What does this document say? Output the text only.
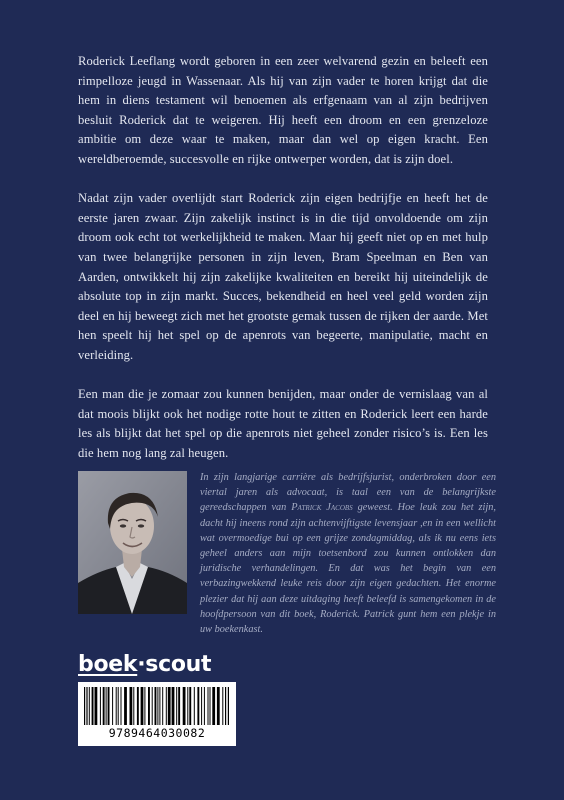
Roderick Leeflang wordt geboren in een zeer welvarend gezin en beleeft een rimpelloze jeugd in Wassenaar. Als hij van zijn vader te horen krijgt dat die hem in diens testament wil benoemen als erfgenaam van al zijn bedrijven besluit Roderick dat te weigeren. Hij heeft een droom en een grenzeloze ambitie om deze waar te maken, maar dan wel op eigen kracht. Een wereldberoemde, succesvolle en rijke ontwerper worden, dat is zijn doel.

Nadat zijn vader overlijdt start Roderick zijn eigen bedrijfje en heeft het de eerste jaren zwaar. Zijn zakelijk instinct is in die tijd onvoldoende om zijn droom ook echt tot werkelijkheid te maken. Maar hij geeft niet op en met hulp van twee belangrijke personen in zijn leven, Bram Speelman en Ben van Aarden, ontwikkelt hij zijn zakelijke kwaliteiten en bereikt hij uiteindelijk de absolute top in zijn markt. Succes, bekendheid en heel veel geld worden zijn deel en hij beweegt zich met het grootste gemak tussen de rijken der aarde. Met hen speelt hij het spel op de apenrots van begeerte, manipulatie, macht en verleiding.

Een man die je zomaar zou kunnen benijden, maar onder de vernislaag van al dat moois blijkt ook het nodige rotte hout te zitten en Roderick leert een harde les als blijkt dat het spel op die apenrots niet geheel zonder risico’s is. Een les die hem nog lang zal heugen.

In zijn langjarige carrière als bedrijfsjurist, onderbroken door een viertal jaren als advocaat, is taal een van de belangrijkste gereedschappen van Patrick Jacobs geweest. Hoe leuk zou het zijn, dacht hij ineens rond zijn achtenvijftigste levensjaar ,en in een wellicht wat overmoedige bui op een grijze zondagmiddag, als ik nu eens iets geheel anders aan mijn toetsenbord zou kunnen ontlokken dan juridische verhandelingen. En dat was het begin van een verbazingwekkend leuke reis door zijn eigen gedachten. Het enorme plezier dat hij aan deze uitdaging heeft beleefd is samengekomen in de hoofdpersoon van dit boek, Roderick. Patrick gunt hem een plekje in uw boekenkast.
boek·scout
9789464030082
